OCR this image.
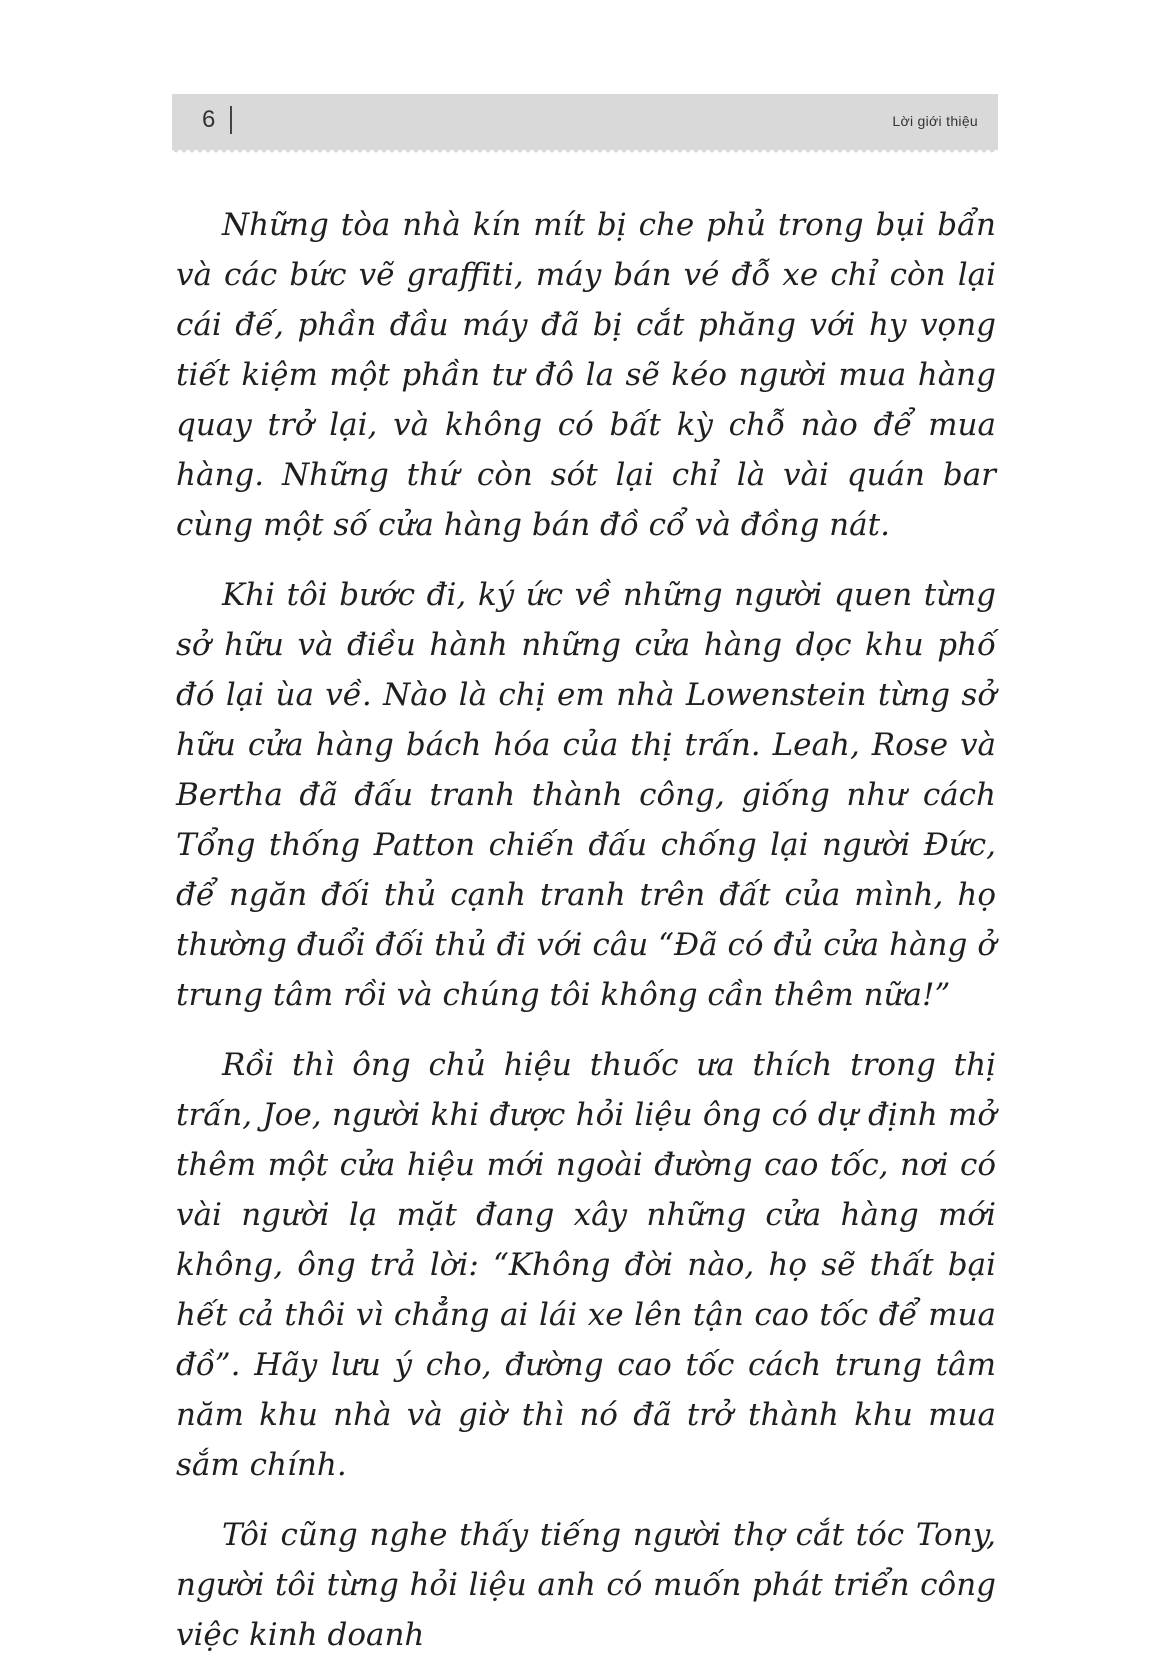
6	Lời giới thiệu

Những tòa nhà kín mít bị che phủ trong bụi bẩn và các bức vẽ graffiti, máy bán vé đỗ xe chỉ còn lại cái đế, phần đầu máy đã bị cắt phăng với hy vọng tiết kiệm một phần tư đô la sẽ kéo người mua hàng quay trở lại, và không có bất kỳ chỗ nào để mua hàng. Những thứ còn sót lại chỉ là vài quán bar cùng một số cửa hàng bán đồ cổ và đồng nát.

Khi tôi bước đi, ký ức về những người quen từng sở hữu và điều hành những cửa hàng dọc khu phố đó lại ùa về. Nào là chị em nhà Lowenstein từng sở hữu cửa hàng bách hóa của thị trấn. Leah, Rose và Bertha đã đấu tranh thành công, giống như cách Tổng thống Patton chiến đấu chống lại người Đức, để ngăn đối thủ cạnh tranh trên đất của mình, họ thường đuổi đối thủ đi với câu “Đã có đủ cửa hàng ở trung tâm rồi và chúng tôi không cần thêm nữa!”

Rồi thì ông chủ hiệu thuốc ưa thích trong thị trấn, Joe, người khi được hỏi liệu ông có dự định mở thêm một cửa hiệu mới ngoài đường cao tốc, nơi có vài người lạ mặt đang xây những cửa hàng mới không, ông trả lời: “Không đời nào, họ sẽ thất bại hết cả thôi vì chẳng ai lái xe lên tận cao tốc để mua đồ”. Hãy lưu ý cho, đường cao tốc cách trung tâm năm khu nhà và giờ thì nó đã trở thành khu mua sắm chính.

Tôi cũng nghe thấy tiếng người thợ cắt tóc Tony, người tôi từng hỏi liệu anh có muốn phát triển công việc kinh doanh
